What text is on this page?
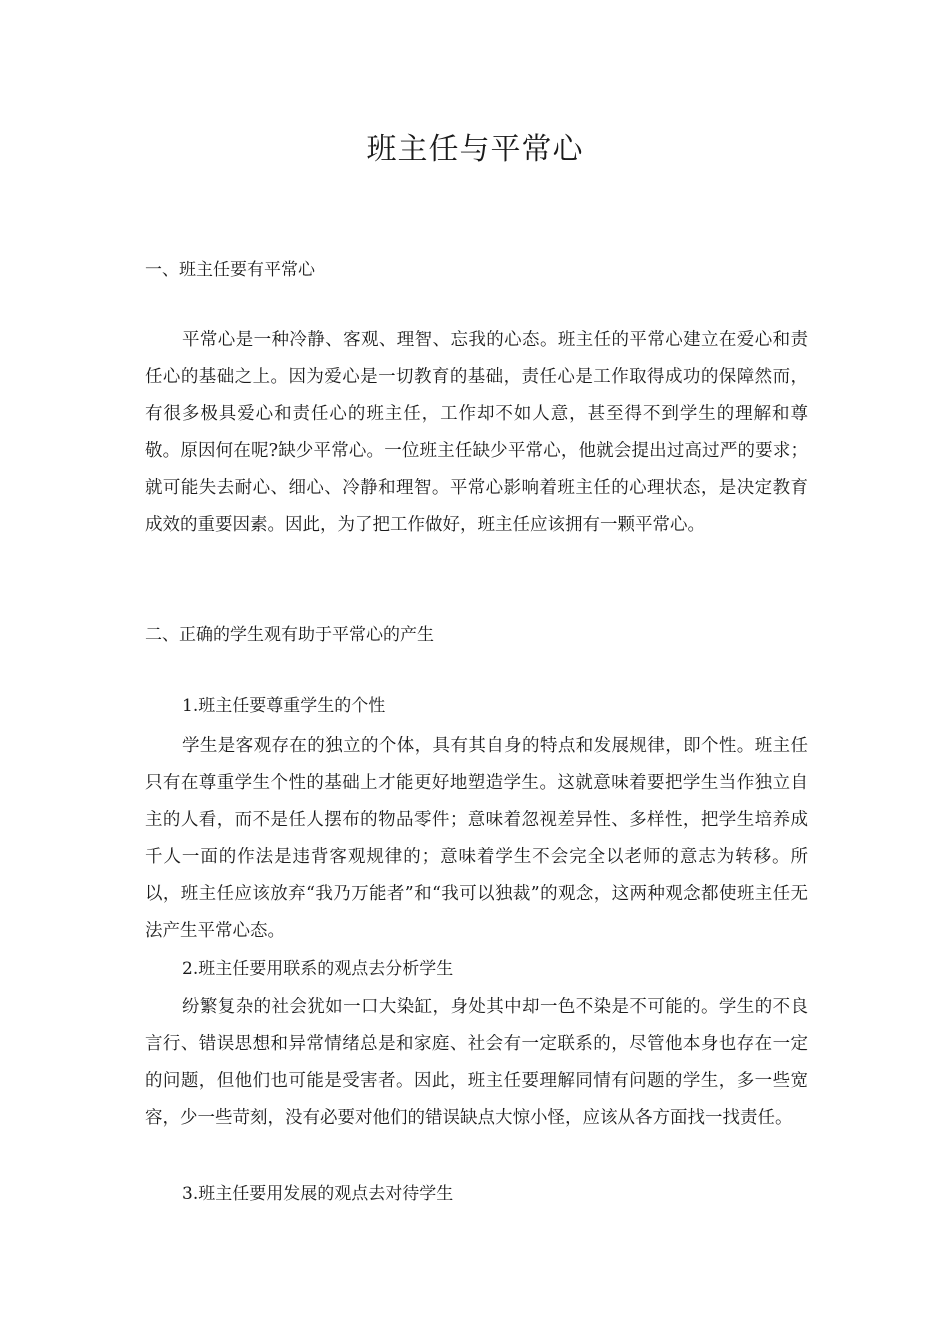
班主任与平常心
一、班主任要有平常心

平常心是一种冷静、客观、理智、忘我的心态。班主任的平常心建立在爱心和责任心的基础之上。因为爱心是一切教育的基础，责任心是工作取得成功的保障然而，有很多极具爱心和责任心的班主任，工作却不如人意，甚至得不到学生的理解和尊敬。原因何在呢?缺少平常心。一位班主任缺少平常心，他就会提出过高过严的要求；就可能失去耐心、细心、冷静和理智。平常心影响着班主任的心理状态，是决定教育成效的重要因素。因此，为了把工作做好，班主任应该拥有一颗平常心。

二、正确的学生观有助于平常心的产生
1.班主任要尊重学生的个性

学生是客观存在的独立的个体，具有其自身的特点和发展规律，即个性。班主任只有在尊重学生个性的基础上才能更好地塑造学生。这就意味着要把学生当作独立自主的人看，而不是任人摆布的物品零件；意味着忽视差异性、多样性，把学生培养成千人一面的作法是违背客观规律的；意味着学生不会完全以老师的意志为转移。所以，班主任应该放弃“我乃万能者”和“我可以独裁”的观念，这两种观念都使班主任无法产生平常心态。

2.班主任要用联系的观点去分析学生

纷繁复杂的社会犹如一口大染缸，身处其中却一色不染是不可能的。学生的不良言行、错误思想和异常情绪总是和家庭、社会有一定联系的，尽管他本身也存在一定的问题，但他们也可能是受害者。因此，班主任要理解同情有问题的学生，多一些宽容，少一些苛刻，没有必要对他们的错误缺点大惊小怪，应该从各方面找一找责任。

3.班主任要用发展的观点去对待学生
